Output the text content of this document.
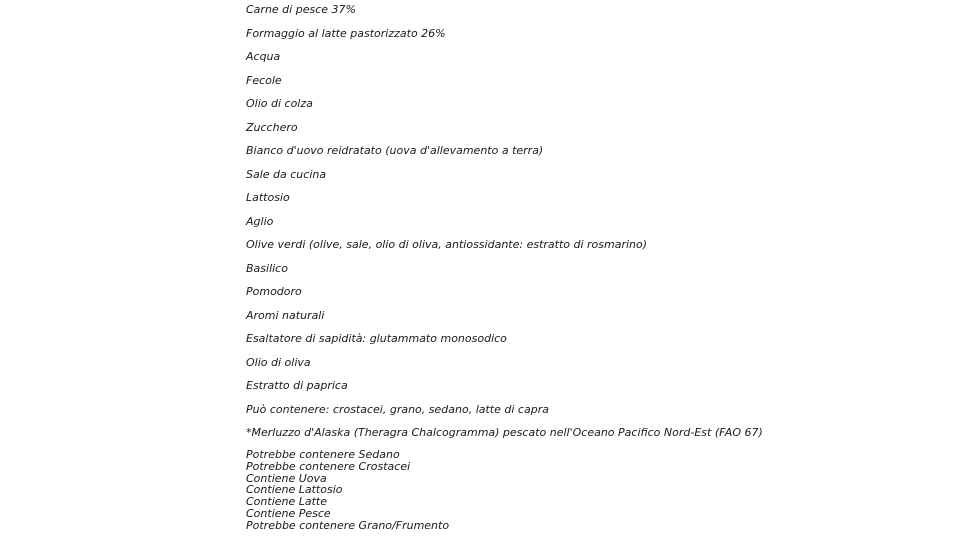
Carne di pesce 37%
Formaggio al latte pastorizzato 26%
Acqua
Fecole
Olio di colza
Zucchero
Bianco d'uovo reidratato (uova d'allevamento a terra)
Sale da cucina
Lattosio
Aglio
Olive verdi (olive, sale, olio di oliva, antiossidante: estratto di rosmarino)
Basilico
Pomodoro
Aromi naturali
Esaltatore di sapidità: glutammato monosodico
Olio di oliva
Estratto di paprica
Può contenere: crostacei, grano, sedano, latte di capra
*Merluzzo d'Alaska (Theragra Chalcogramma) pescato nell'Oceano Pacifico Nord-Est (FAO 67)
Potrebbe contenere Sedano
Potrebbe contenere Crostacei
Contiene Uova
Contiene Lattosio
Contiene Latte
Contiene Pesce
Potrebbe contenere Grano/Frumento
